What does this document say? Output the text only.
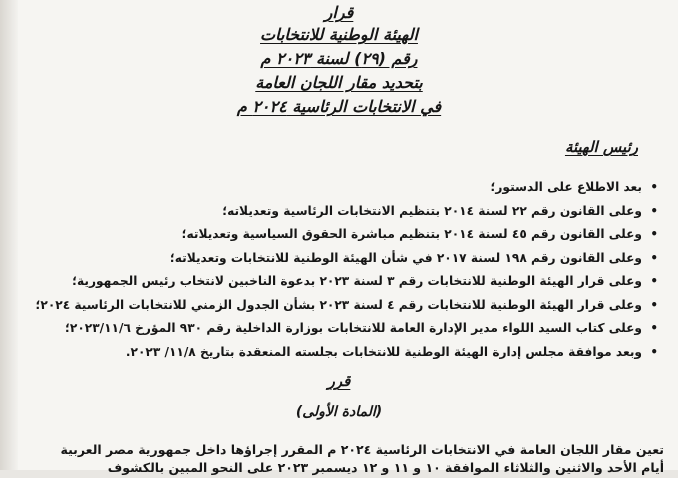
قرار
الهيئة الوطنية للانتخابات
رقم (٢٩) لسنة ٢٠٢٣ م
بتحديد مقار اللجان العامة
في الانتخابات الرئاسية ٢٠٢٤ م
رئيس الهيئة
•
بعد الاطلاع على الدستور؛
•
وعلى القانون رقم ٢٢ لسنة ٢٠١٤ بتنظيم الانتخابات الرئاسية وتعديلاته؛
•
وعلى القانون رقم ٤٥ لسنة ٢٠١٤ بتنظيم مباشرة الحقوق السياسية وتعديلاته؛
•
وعلى القانون رقم ١٩٨ لسنة ٢٠١٧ في شأن الهيئة الوطنية للانتخابات وتعديلاته؛
•
وعلى قرار الهيئة الوطنية للانتخابات رقم ٣ لسنة ٢٠٢٣ بدعوة الناخبين لانتخاب رئيس الجمهورية؛
•
وعلى قرار الهيئة الوطنية للانتخابات رقم ٤ لسنة ٢٠٢٣ بشأن الجدول الزمني للانتخابات الرئاسية ٢٠٢٤؛
•
وعلى كتاب السيد اللواء مدير الإدارة العامة للانتخابات بوزارة الداخلية رقم ٩٣٠ المؤرخ ٢٠٢٣/١١/٦؛
•
وبعد موافقة مجلس إدارة الهيئة الوطنية للانتخابات بجلسته المنعقدة بتاريخ ١١/٨/ ٢٠٢٣.
قرر
(المادة الأولى)
تعين مقار اللجان العامة في الانتخابات الرئاسية ٢٠٢٤ م المقرر إجراؤها داخل جمهورية مصر العربية
أيام الأحد والاثنين والثلاثاء الموافقة ١٠ و ١١ و ١٢ ديسمبر ٢٠٢٣ على النحو المبين بالكشوف
